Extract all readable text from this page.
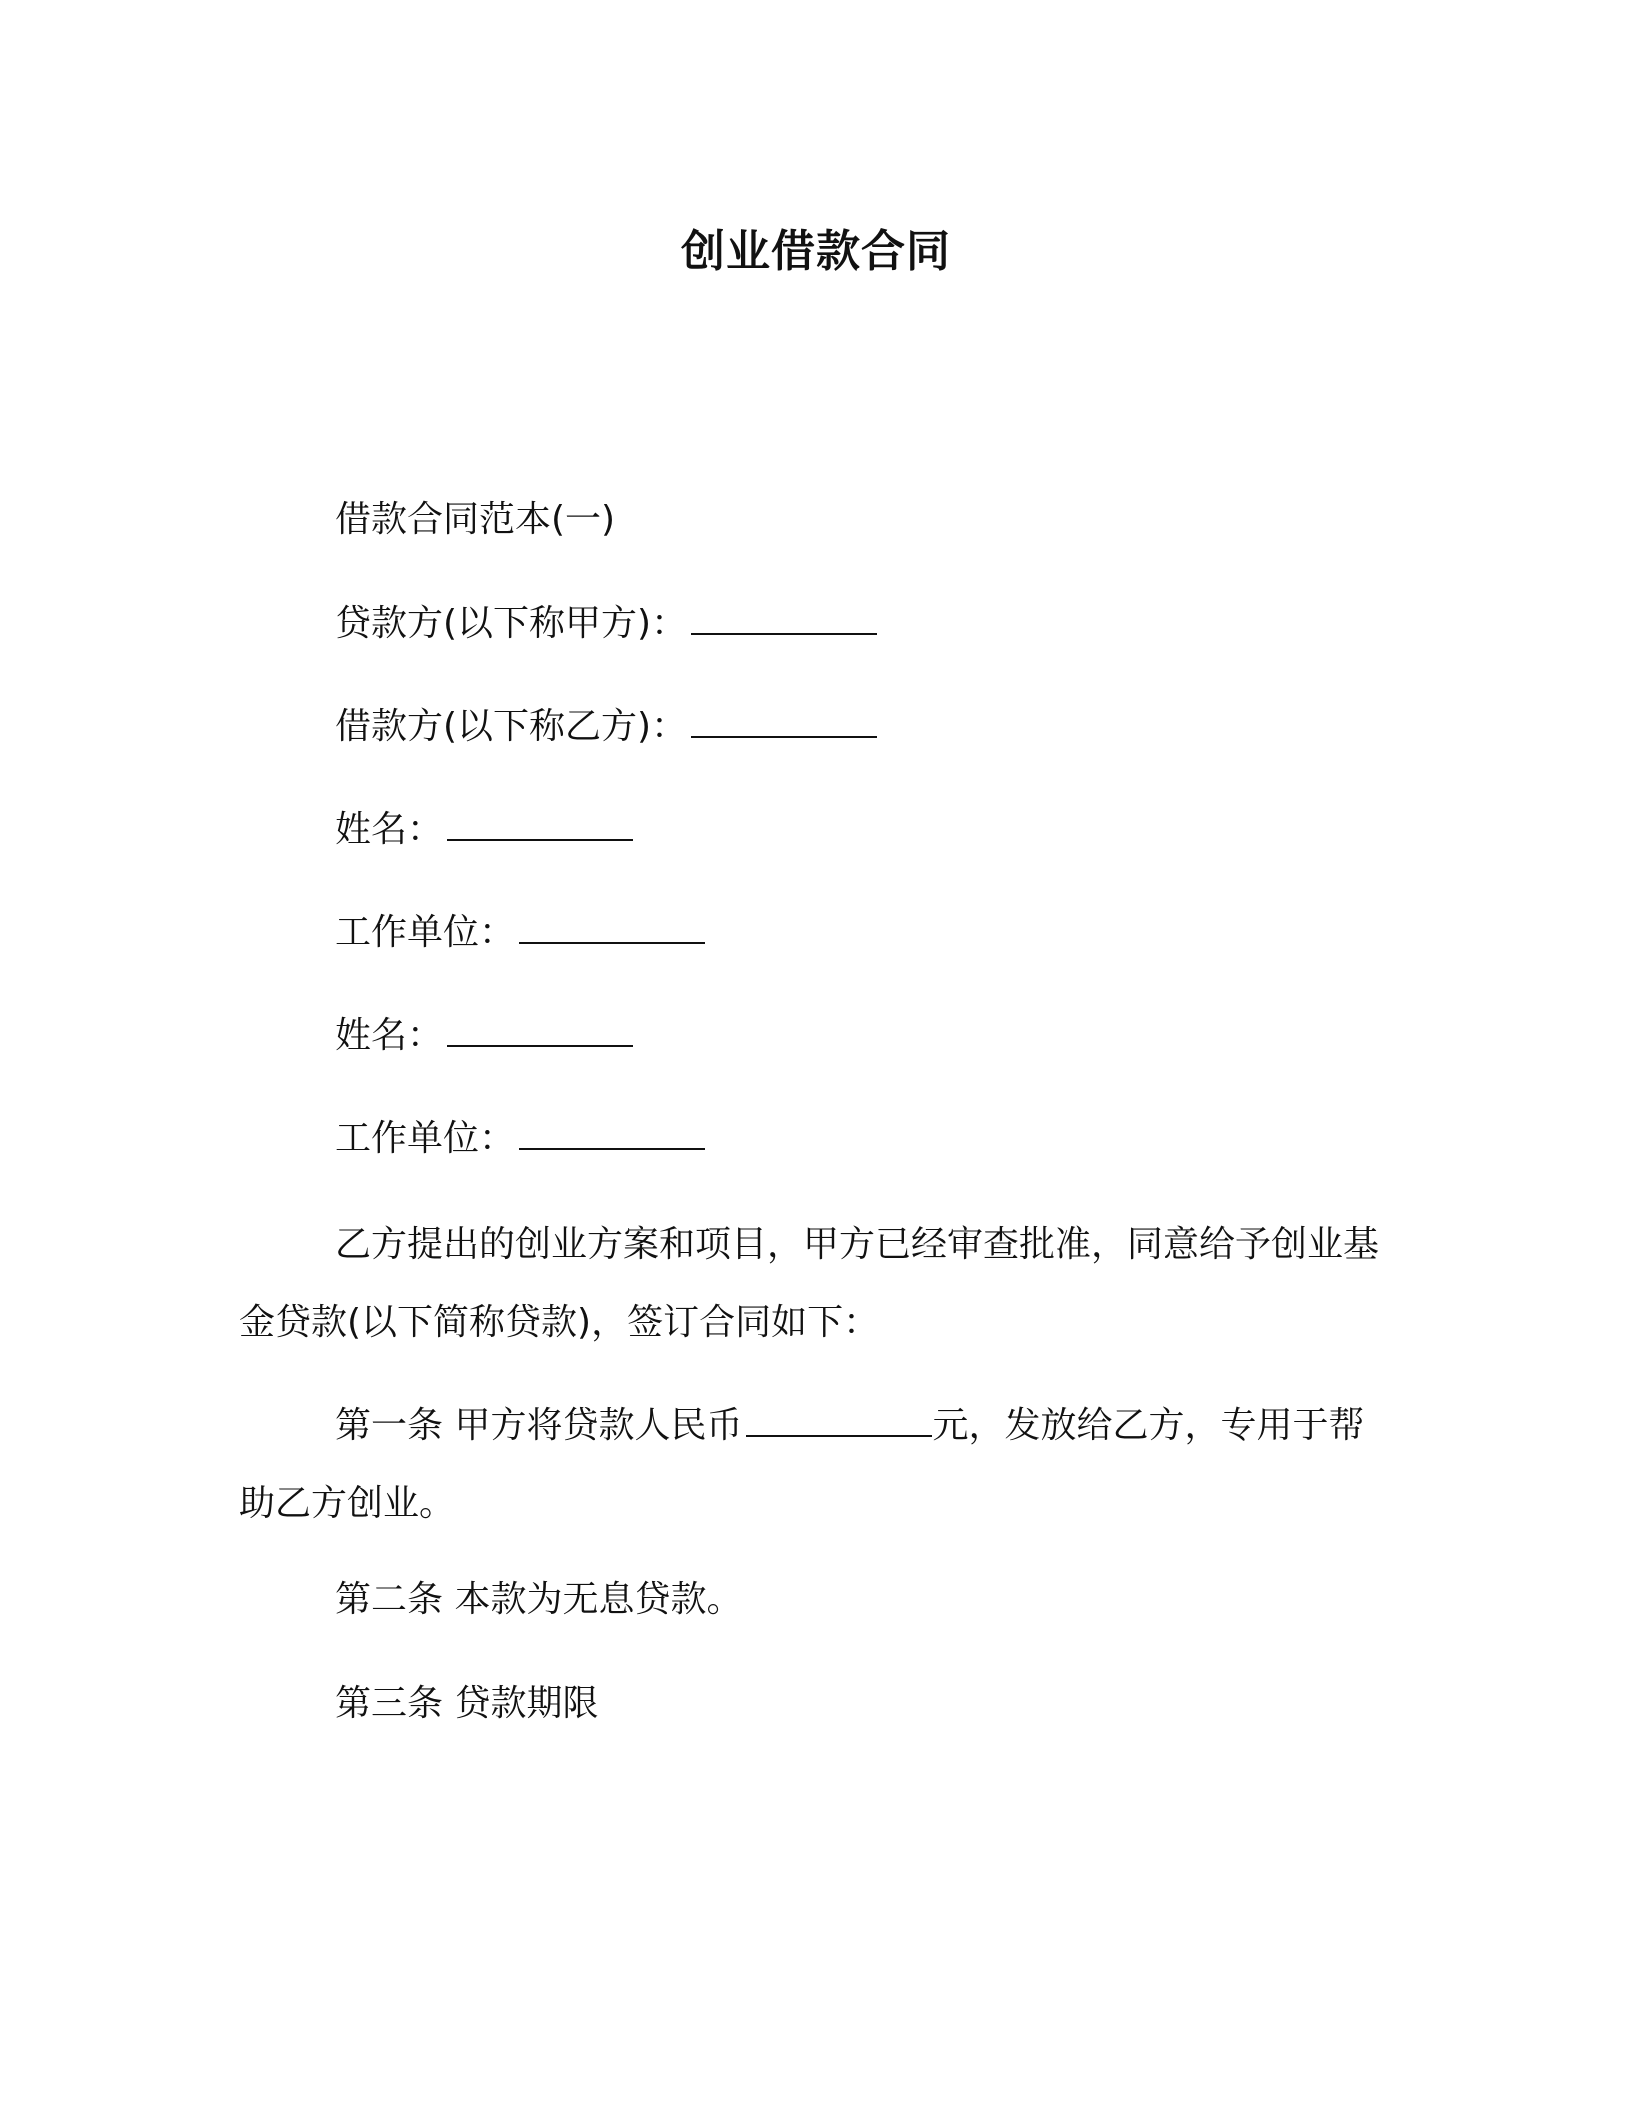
创业借款合同
借款合同范本(一)
贷款方(以下称甲方)：
借款方(以下称乙方)：
姓名：
工作单位：
姓名：
工作单位：
乙方提出的创业方案和项目，甲方已经审查批准，同意给予创业基金贷款(以下简称贷款)，签订合同如下：
第一条 甲方将贷款人民币	元，发放给乙方，专用于帮助乙方创业。
第二条 本款为无息贷款。
第三条 贷款期限
